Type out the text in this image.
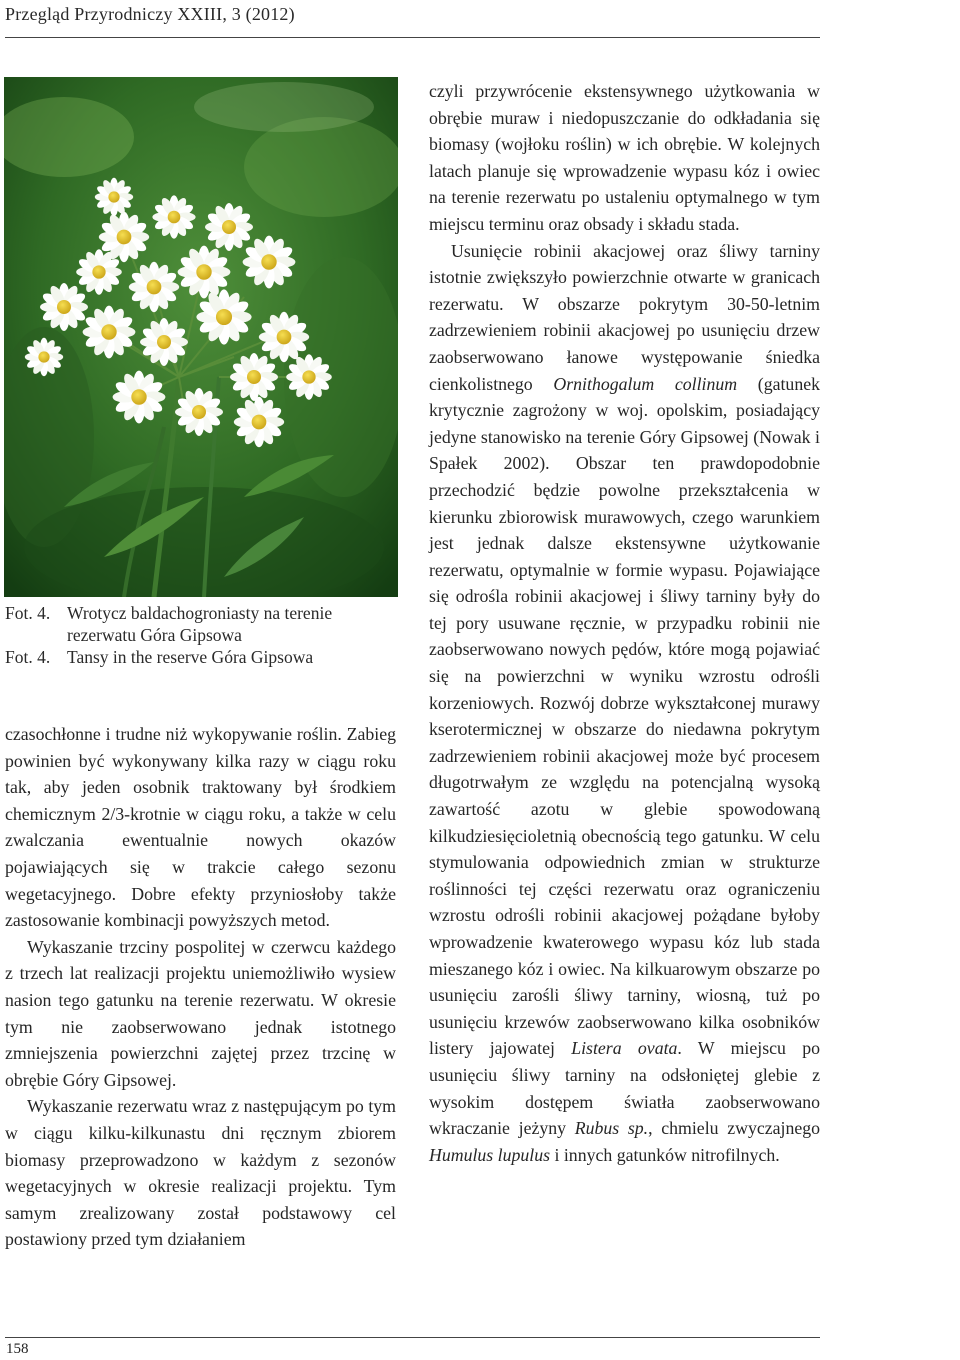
Przegląd Przyrodniczy XXIII, 3 (2012)
Fot. 4. Wrotycz baldachogroniasty na terenie rezerwatu Góra Gipsowa
Fot. 4. Tansy in the reserve Góra Gipsowa

czasochłonne i trudne niż wykopywanie roślin. Zabieg powinien być wykonywany kilka razy w ciągu roku tak, aby jeden osobnik traktowany był środkiem chemicznym 2/3-krotnie w ciągu roku, a także w celu zwalczania ewentualnie nowych okazów pojawiających się w trakcie całego sezonu wegetacyjnego. Dobre efekty przyniosłoby także zastosowanie kombinacji powyższych metod.

Wykaszanie trzciny pospolitej w czerwcu każdego z trzech lat realizacji projektu uniemożliwiło wysiew nasion tego gatunku na terenie rezerwatu. W okresie tym nie zaobserwowano jednak istotnego zmniejszenia powierzchni zajętej przez trzcinę w obrębie Góry Gipsowej.

Wykaszanie rezerwatu wraz z następującym po tym w ciągu kilku-kilkunastu dni ręcznym zbiorem biomasy przeprowadzono w każdym z sezonów wegetacyjnych w okresie realizacji projektu. Tym samym zrealizowany został podstawowy cel postawiony przed tym działaniem

czyli przywrócenie ekstensywnego użytkowania w obrębie muraw i niedopuszczanie do odkładania się biomasy (wojłoku roślin) w ich obrębie. W kolejnych latach planuje się wprowadzenie wypasu kóz i owiec na terenie rezerwatu po ustaleniu optymalnego w tym miejscu terminu oraz obsady i składu stada.

Usunięcie robinii akacjowej oraz śliwy tarniny istotnie zwiększyło powierzchnie otwarte w granicach rezerwatu. W obszarze pokrytym 30-50-letnim zadrzewieniem robinii akacjowej po usunięciu drzew zaobserwowano łanowe występowanie śniedka cienkolistnego Ornithogalum collinum (gatunek krytycznie zagrożony w woj. opolskim, posiadający jedyne stanowisko na terenie Góry Gipsowej (Nowak i Spałek 2002). Obszar ten prawdopodobnie przechodzić będzie powolne przekształcenia w kierunku zbiorowisk murawowych, czego warunkiem jest jednak dalsze ekstensywne użytkowanie rezerwatu, optymalnie w formie wypasu. Pojawiające się odrośla robinii akacjowej i śliwy tarniny były do tej pory usuwane ręcznie, w przypadku robinii nie zaobserwowano nowych pędów, które mogą pojawiać się na powierzchni w wyniku wzrostu odrośli korzeniowych. Rozwój dobrze wykształconej murawy kserotermicznej w obszarze do niedawna pokrytym zadrzewieniem robinii akacjowej może być procesem długotrwałym ze względu na potencjalną wysoką zawartość azotu w glebie spowodowaną kilkudziesięcioletnią obecnością tego gatunku. W celu stymulowania odpowiednich zmian w strukturze roślinności tej części rezerwatu oraz ograniczeniu wzrostu odrośli robinii akacjowej pożądane byłoby wprowadzenie kwaterowego wypasu kóz lub stada mieszanego kóz i owiec. Na kilkuarowym obszarze po usunięciu zarośli śliwy tarniny, wiosną, tuż po usunięciu krzewów zaobserwowano kilka osobników listery jajowatej Listera ovata. W miejscu po usunięciu śliwy tarniny na odsłoniętej glebie z wysokim dostępem światła zaobserwowano wkraczanie jeżyny Rubus sp., chmielu zwyczajnego Humulus lupulus i innych gatunków nitrofilnych.

158
